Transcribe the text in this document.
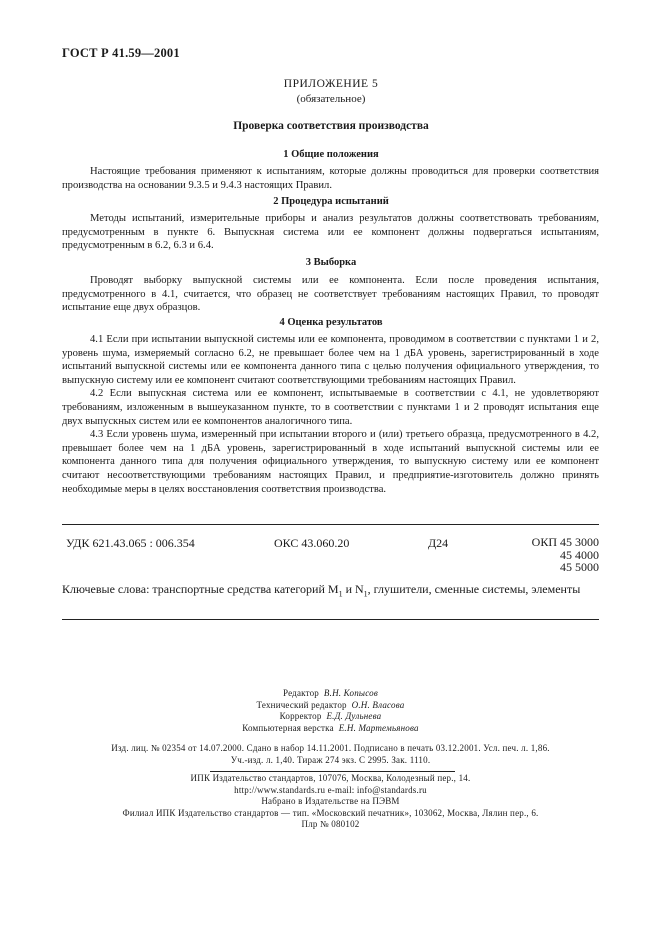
ГОСТ Р 41.59—2001
ПРИЛОЖЕНИЕ 5
(обязательное)
Проверка соответствия производства
1 Общие положения

Настоящие требования применяют к испытаниям, которые должны проводиться для проверки соответствия производства на основании 9.3.5 и 9.4.3 настоящих Правил.

2 Процедура испытаний

Методы испытаний, измерительные приборы и анализ результатов должны соответствовать требованиям, предусмотренным в пункте 6. Выпускная система или ее компонент должны подвергаться испытаниям, предусмотренным в 6.2, 6.3 и 6.4.

3 Выборка

Проводят выборку выпускной системы или ее компонента. Если после проведения испытания, предусмотренного в 4.1, считается, что образец не соответствует требованиям настоящих Правил, то проводят испытание еще двух образцов.

4 Оценка результатов

4.1 Если при испытании выпускной системы или ее компонента, проводимом в соответствии с пунктами 1 и 2, уровень шума, измеряемый согласно 6.2, не превышает более чем на 1 дБА уровень, зарегистрированный в ходе испытаний выпускной системы или ее компонента данного типа с целью получения официального утверждения, то выпускную систему или ее компонент считают соответствующими требованиям настоящих Правил.

4.2 Если выпускная система или ее компонент, испытываемые в соответствии с 4.1, не удовлетворяют требованиям, изложенным в вышеуказанном пункте, то в соответствии с пунктами 1 и 2 проводят испытания еще двух выпускных систем или ее компонентов аналогичного типа.

4.3 Если уровень шума, измеренный при испытании второго и (или) третьего образца, предусмотренного в 4.2, превышает более чем на 1 дБА уровень, зарегистрированный в ходе испытаний выпускной системы или ее компонента данного типа для получения официального утверждения, то выпускную систему или ее компонент считают несоответствующими требованиям настоящих Правил, и предприятие-изготовитель должно принять необходимые меры в целях восстановления соответствия производства.

УДК 621.43.065 : 006.354	ОКС 43.060.20	Д24	ОКП 45 3000
45 4000
45 5000
Ключевые слова: транспортные средства категорий $M_1$ и $N_1$, глушители, сменные системы, элементы
Редактор В.Н. Копысов
Технический редактор О.Н. Власова
Корректор Е.Д. Дульнева
Компьютерная верстка Е.Н. Мартемьянова
Изд. лиц. № 02354 от 14.07.2000. Сдано в набор 14.11.2001. Подписано в печать 03.12.2001. Усл. печ. л. 1,86.
Уч.-изд. л. 1,40. Тираж 274 экз. С 2995. Зак. 1110.
ИПК Издательство стандартов, 107076, Москва, Колодезный пер., 14.
http://www.standards.ru e-mail: info@standards.ru
Набрано в Издательстве на ПЭВМ
Филиал ИПК Издательство стандартов — тип. «Московский печатник», 103062, Москва, Лялин пер., 6.
Плр № 080102
